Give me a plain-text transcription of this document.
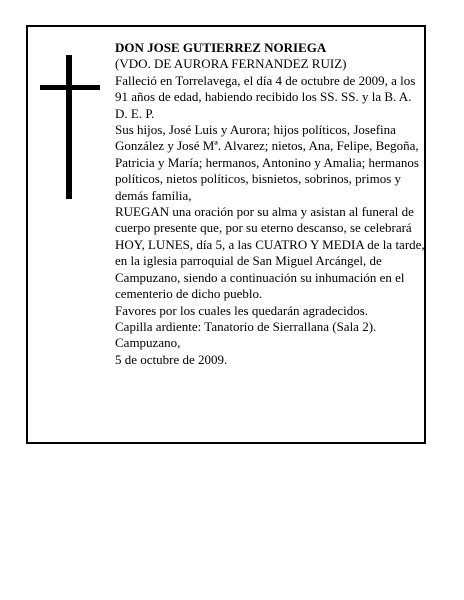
DON JOSE GUTIERREZ NORIEGA

(VDO. DE AURORA FERNANDEZ RUIZ)

Falleció en Torrelavega, el día 4 de octubre de 2009, a los 91 años de edad, habiendo recibido los SS. SS. y la B. A.

D. E. P.

Sus hijos, José Luis y Aurora; hijos políticos, Josefina González y José Mª. Alvarez; nietos, Ana, Felipe, Begoña, Patricia y María; hermanos, Antonino y Amalia; hermanos políticos, nietos políticos, bisnietos, sobrinos, primos y demás familia,

RUEGAN una oración por su alma y asistan al funeral de cuerpo presente que, por su eterno descanso, se celebrará HOY, LUNES, día 5, a las CUATRO Y MEDIA de la tarde, en la iglesia parroquial de San Miguel Arcángel, de Campuzano, siendo a continuación su inhumación en el cementerio de dicho pueblo.

Favores por los cuales les quedarán agradecidos.

Capilla ardiente: Tanatorio de Sierrallana (Sala 2).

Campuzano,

5 de octubre de 2009.
